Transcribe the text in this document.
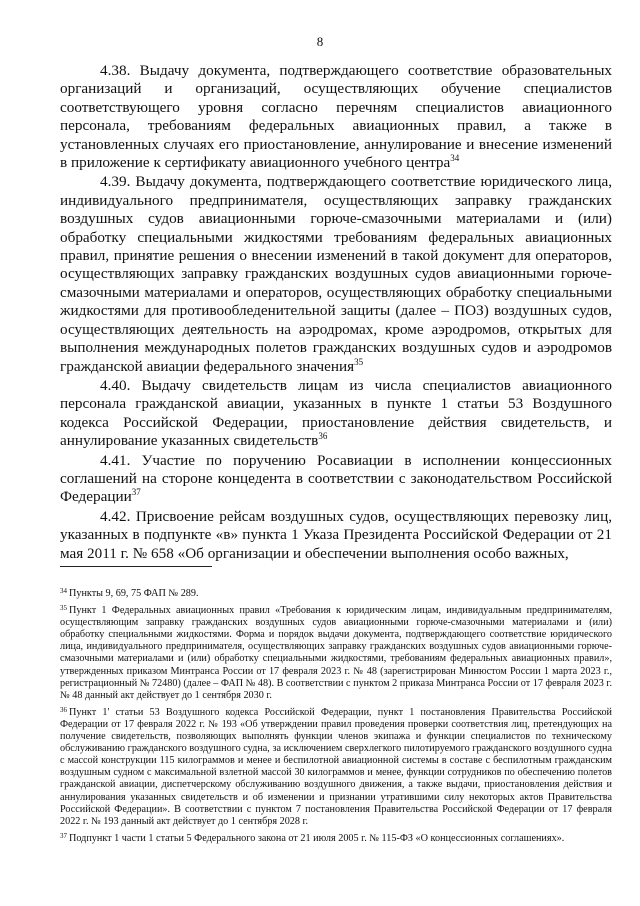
8

4.38. Выдачу документа, подтверждающего соответствие образовательных организаций и организаций, осуществляющих обучение специалистов соответствующего уровня согласно перечням специалистов авиационного персонала, требованиям федеральных авиационных правил, а также в установленных случаях его приостановление, аннулирование и внесение изменений в приложение к сертификату авиационного учебного центра$^{34}$

4.39. Выдачу документа, подтверждающего соответствие юридического лица, индивидуального предпринимателя, осуществляющих заправку гражданских воздушных судов авиационными горюче-смазочными материалами и (или) обработку специальными жидкостями требованиям федеральных авиационных правил, принятие решения о внесении изменений в такой документ для операторов, осуществляющих заправку гражданских воздушных судов авиационными горюче-смазочными материалами и операторов, осуществляющих обработку специальными жидкостями для противообледенительной защиты (далее – ПОЗ) воздушных судов, осуществляющих деятельность на аэродромах, кроме аэродромов, открытых для выполнения международных полетов гражданских воздушных судов и аэродромов гражданской авиации федерального значения$^{35}$

4.40. Выдачу свидетельств лицам из числа специалистов авиационного персонала гражданской авиации, указанных в пункте 1 статьи 53 Воздушного кодекса Российской Федерации, приостановление действия свидетельств, и аннулирование указанных свидетельств$^{36}$

4.41. Участие по поручению Росавиации в исполнении концессионных соглашений на стороне концедента в соответствии с законодательством Российской Федерации$^{37}$

4.42. Присвоение рейсам воздушных судов, осуществляющих перевозку лиц, указанных в подпункте «в» пункта 1 Указа Президента Российской Федерации от 21 мая 2011 г. № 658 «Об организации и обеспечении выполнения особо важных,

$^{34}$ Пункты 9, 69, 75 ФАП № 289.

$^{35}$ Пункт 1 Федеральных авиационных правил «Требования к юридическим лицам, индивидуальным предпринимателям, осуществляющим заправку гражданских воздушных судов авиационными горюче-смазочными материалами и (или) обработку специальными жидкостями. Форма и порядок выдачи документа, подтверждающего соответствие юридического лица, индивидуального предпринимателя, осуществляющих заправку гражданских воздушных судов авиационными горюче-смазочными материалами и (или) обработку специальными жидкостями, требованиям федеральных авиационных правил», утвержденных приказом Минтранса России от 17 февраля 2023 г. № 48 (зарегистрирован Минюстом России 1 марта 2023 г., регистрационный № 72480) (далее – ФАП № 48). В соответствии с пунктом 2 приказа Минтранса России от 17 февраля 2023 г. № 48 данный акт действует до 1 сентября 2030 г.

$^{36}$ Пункт 1' статьи 53 Воздушного кодекса Российской Федерации, пункт 1 постановления Правительства Российской Федерации от 17 февраля 2022 г. № 193 «Об утверждении правил проведения проверки соответствия лиц, претендующих на получение свидетельств, позволяющих выполнять функции членов экипажа и функции специалистов по техническому обслуживанию гражданского воздушного судна, за исключением сверхлегкого пилотируемого гражданского воздушного судна с массой конструкции 115 килограммов и менее и беспилотной авиационной системы в составе с беспилотным гражданским воздушным судном с максимальной взлетной массой 30 килограммов и менее, функции сотрудников по обеспечению полетов гражданской авиации, диспетчерскому обслуживанию воздушного движения, а также выдачи, приостановления действия и аннулирования указанных свидетельств и об изменении и признании утратившими силу некоторых актов Правительства Российской Федерации». В соответствии с пунктом 7 постановления Правительства Российской Федерации от 17 февраля 2022 г. № 193 данный акт действует до 1 сентября 2028 г.

$^{37}$ Подпункт 1 части 1 статьи 5 Федерального закона от 21 июля 2005 г. № 115-ФЗ «О концессионных соглашениях».
